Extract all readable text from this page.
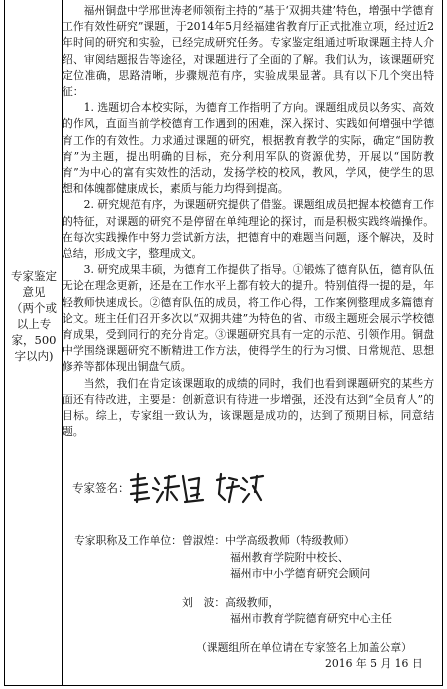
专家鉴定
意见
（两个或
以上专
家，500
字以内)

福州铜盘中学邢世涛老师领衔主持的“基于‘双拥共建’特色，增强中学德育工作有效性研究”课题，于2014年5月经福建省教育厅正式批准立项，经过近2年时间的研究和实验，已经完成研究任务。专家鉴定组通过听取课题主持人介绍、审阅结题报告等途径，对课题进行了全面的了解。我们认为，该课题研究定位准确，思路清晰，步骤规范有序，实验成果显著。具有以下几个突出特征：

1. 选题切合本校实际，为德育工作指明了方向。课题组成员以务实、高效的作风，直面当前学校德育工作遇到的困难，深入探讨、实践如何增强中学德育工作的有效性。力求通过课题的研究，根据教育教学的实际，确定“国防教育”为主题，提出明确的目标，充分利用军队的资源优势，开展以“国防教育”为中心的富有实效性的活动，发扬学校的校风，教风，学风，使学生的思想和体魄都健康成长，素质与能力均得到提高。

2. 研究规范有序，为课题研究提供了借鉴。课题组成员把握本校德育工作的特征，对课题的研究不是停留在单纯理论的探讨，而是积极实践终端操作。在每次实践操作中努力尝试新方法，把德育中的难题当问题，逐个解决，及时总结，形成文字，整理成文。

3. 研究成果丰硕，为德育工作提供了指导。①锻炼了德育队伍，德育队伍无论在理念更新，还是在工作水平上都有较大的提升。特别值得一提的是，年轻教师快速成长。②德育队伍的成员，将工作心得，工作案例整理成多篇德育论文。班主任们召开多次以“双拥共建”为特色的省、市级主题班会展示学校德育成果，受到同行的充分肯定。③课题研究具有一定的示范、引领作用。铜盘中学围绕课题研究不断精进工作方法，使得学生的行为习惯、日常规范、思想修养等都体现出铜盘气质。

当然，我们在肯定该课题取的成绩的同时，我们也看到课题研究的某些方面还有待改进，主要是：创新意识有待进一步增强，还没有达到“全员育人”的目标。综上，专家组一致认为，该课题是成功的，达到了预期目标，同意结题。

专家签名：
专家职称及工作单位：曾淑煌：中学高级教师（特级教师）
福州教育学院附中校长、
福州市中小学德育研究会顾问
刘　波：高级教师，
福州市教育学院德育研究中心主任
（课题组所在单位请在专家签名上加盖公章）
2016 年 5 月 16 日
